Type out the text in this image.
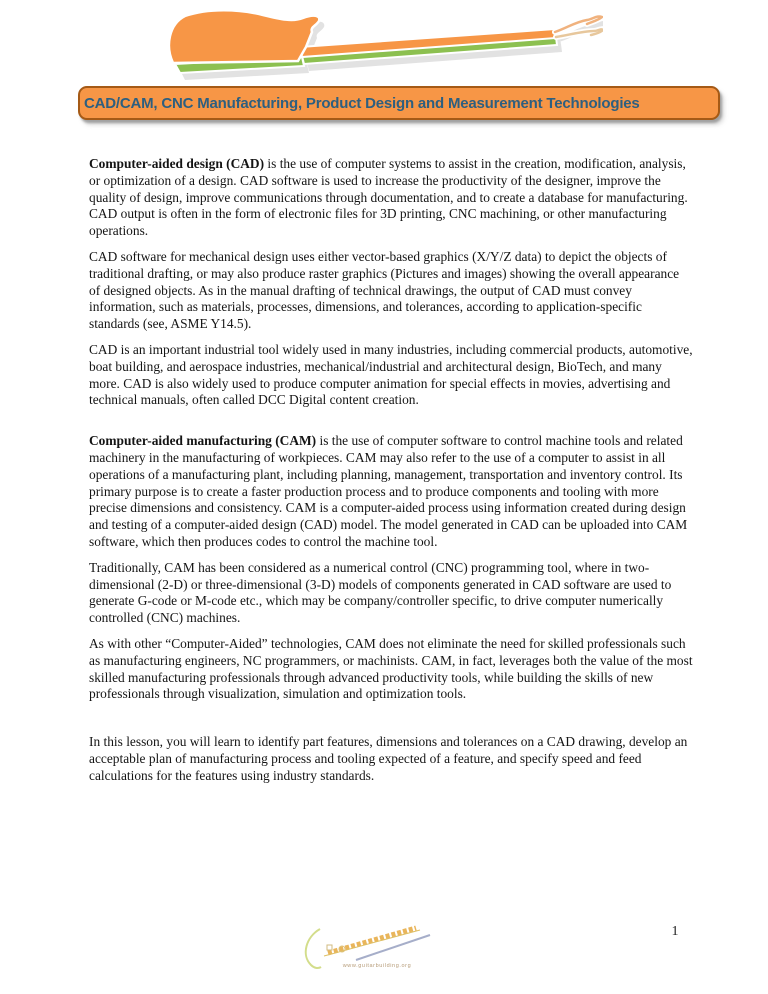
CAD/CAM, CNC Manufacturing, Product Design and Measurement Technologies

Computer-aided design (CAD) is the use of computer systems to assist in the creation, modification, analysis, or optimization of a design. CAD software is used to increase the productivity of the designer, improve the quality of design, improve communications through documentation, and to create a database for manufacturing. CAD output is often in the form of electronic files for 3D printing, CNC machining, or other manufacturing operations.

CAD software for mechanical design uses either vector-based graphics (X/Y/Z data) to depict the objects of traditional drafting, or may also produce raster graphics (Pictures and images) showing the overall appearance of designed objects. As in the manual drafting of technical drawings, the output of CAD must convey information, such as materials, processes, dimensions, and tolerances, according to application-specific standards (see, ASME Y14.5).

CAD is an important industrial tool widely used in many industries, including commercial products, automotive, boat building, and aerospace industries, mechanical/industrial and architectural design, BioTech, and many more. CAD is also widely used to produce computer animation for special effects in movies, advertising and technical manuals, often called DCC Digital content creation.

Computer-aided manufacturing (CAM) is the use of computer software to control machine tools and related machinery in the manufacturing of workpieces. CAM may also refer to the use of a computer to assist in all operations of a manufacturing plant, including planning, management, transportation and inventory control. Its primary purpose is to create a faster production process and to produce components and tooling with more precise dimensions and consistency. CAM is a computer-aided process using information created during design and testing of a computer-aided design (CAD) model. The model generated in CAD can be uploaded into CAM software, which then produces codes to control the machine tool.

Traditionally, CAM has been considered as a numerical control (CNC) programming tool, where in two-dimensional (2-D) or three-dimensional (3-D) models of components generated in CAD software are used to generate G-code or M-code etc., which may be company/controller specific, to drive computer numerically controlled (CNC) machines.

As with other “Computer-Aided” technologies, CAM does not eliminate the need for skilled professionals such as manufacturing engineers, NC programmers, or machinists. CAM, in fact, leverages both the value of the most skilled manufacturing professionals through advanced productivity tools, while building the skills of new professionals through visualization, simulation and optimization tools.

In this lesson, you will learn to identify part features, dimensions and tolerances on a CAD drawing, develop an acceptable plan of manufacturing process and tooling expected of a feature, and specify speed and feed calculations for the features using industry standards.

www.guitarbuilding.org
1
